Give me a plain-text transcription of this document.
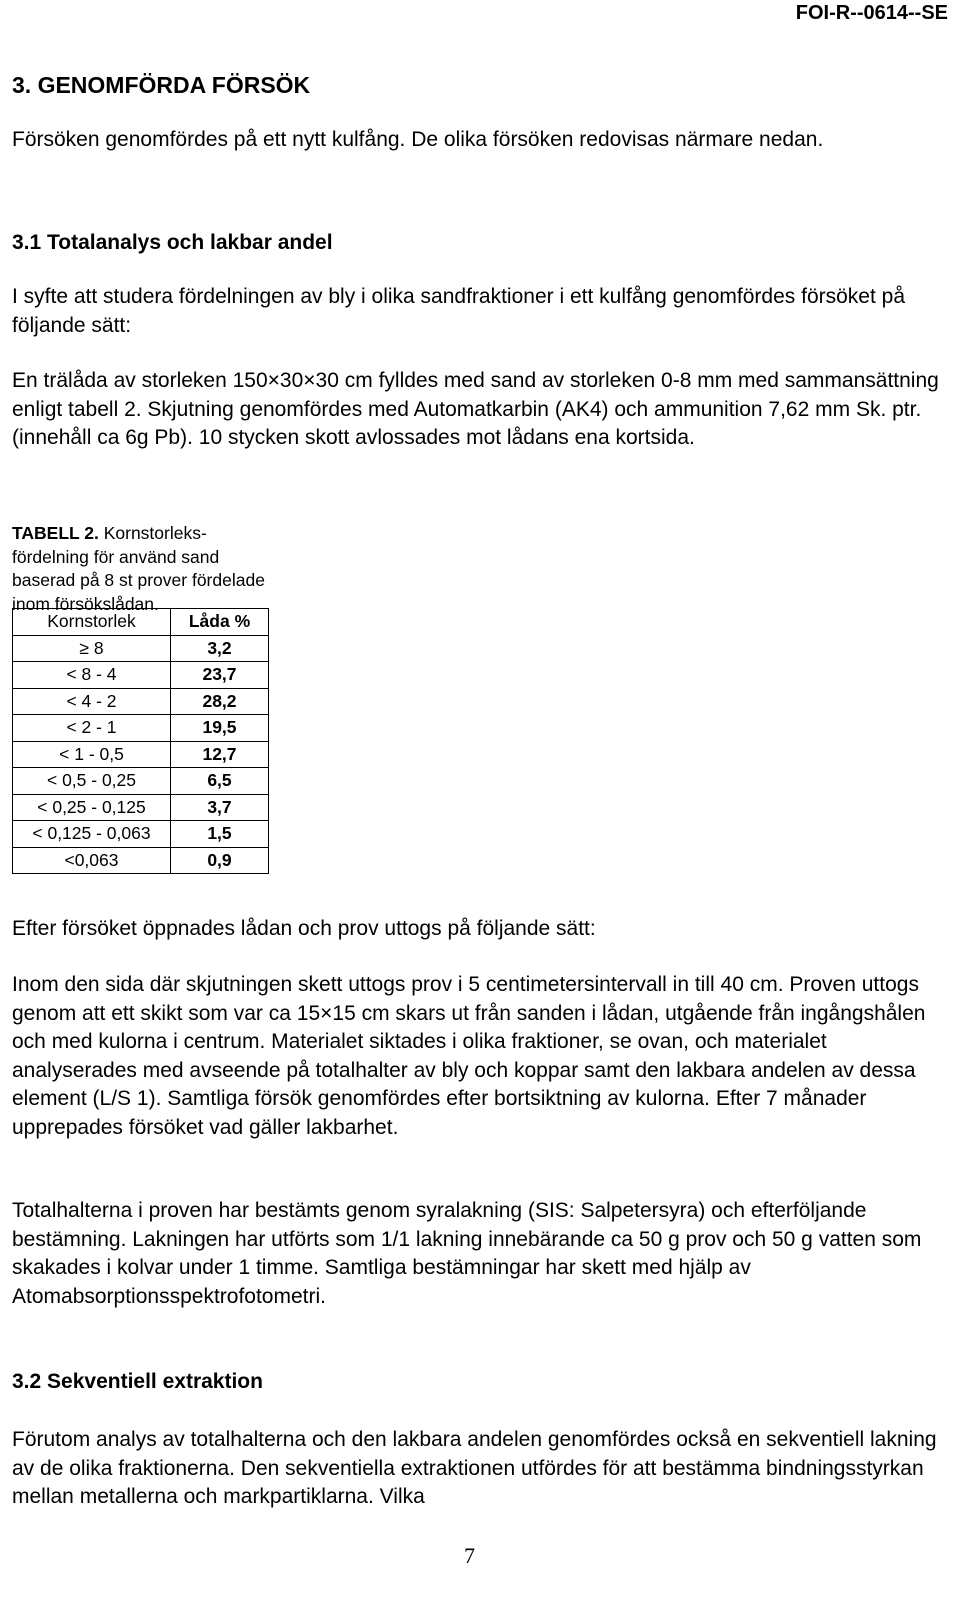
FOI-R--0614--SE
3. GENOMFÖRDA FÖRSÖK

Försöken genomfördes på ett nytt kulfång. De olika försöken redovisas närmare nedan.

3.1 Totalanalys och lakbar andel

I syfte att studera fördelningen av bly i olika sandfraktioner i ett kulfång genomfördes försöket på följande sätt:

En trälåda av storleken 150×30×30 cm fylldes med sand av storleken 0-8 mm med sammansättning enligt tabell 2. Skjutning genomfördes med Automatkarbin (AK4) och ammunition 7,62 mm Sk. ptr. (innehåll ca 6g Pb). 10 stycken skott avlossades mot lådans ena kortsida.

TABELL 2. Kornstorleks-fördelning för använd sand baserad på 8 st prover fördelade inom försökslådan.
Kornstorlek	Låda %
≥ 8	3,2
< 8 - 4	23,7
< 4 - 2	28,2
< 2 - 1	19,5
< 1 - 0,5	12,7
< 0,5 - 0,25	6,5
< 0,25 - 0,125	3,7
< 0,125 - 0,063	1,5
<0,063	0,9

Efter försöket öppnades lådan och prov uttogs på följande sätt:

Inom den sida där skjutningen skett uttogs prov i 5 centimetersintervall in till 40 cm. Proven uttogs genom att ett skikt som var ca 15×15 cm skars ut från sanden i lådan, utgående från ingångshålen och med kulorna i centrum. Materialet siktades i olika fraktioner, se ovan, och materialet analyserades med avseende på totalhalter av bly och koppar samt den lakbara andelen av dessa element (L/S 1). Samtliga försök genomfördes efter bortsiktning av kulorna. Efter 7 månader upprepades försöket vad gäller lakbarhet.

Totalhalterna i proven har bestämts genom syralakning (SIS: Salpetersyra) och efterföljande bestämning. Lakningen har utförts som 1/1 lakning innebärande ca 50 g prov och 50 g vatten som skakades i kolvar under 1 timme. Samtliga bestämningar har skett med hjälp av Atomabsorptionsspektrofotometri.

3.2 Sekventiell extraktion

Förutom analys av totalhalterna och den lakbara andelen genomfördes också en sekventiell lakning av de olika fraktionerna. Den sekventiella extraktionen utfördes för att bestämma bindningsstyrkan mellan metallerna och markpartiklarna. Vilka

7
